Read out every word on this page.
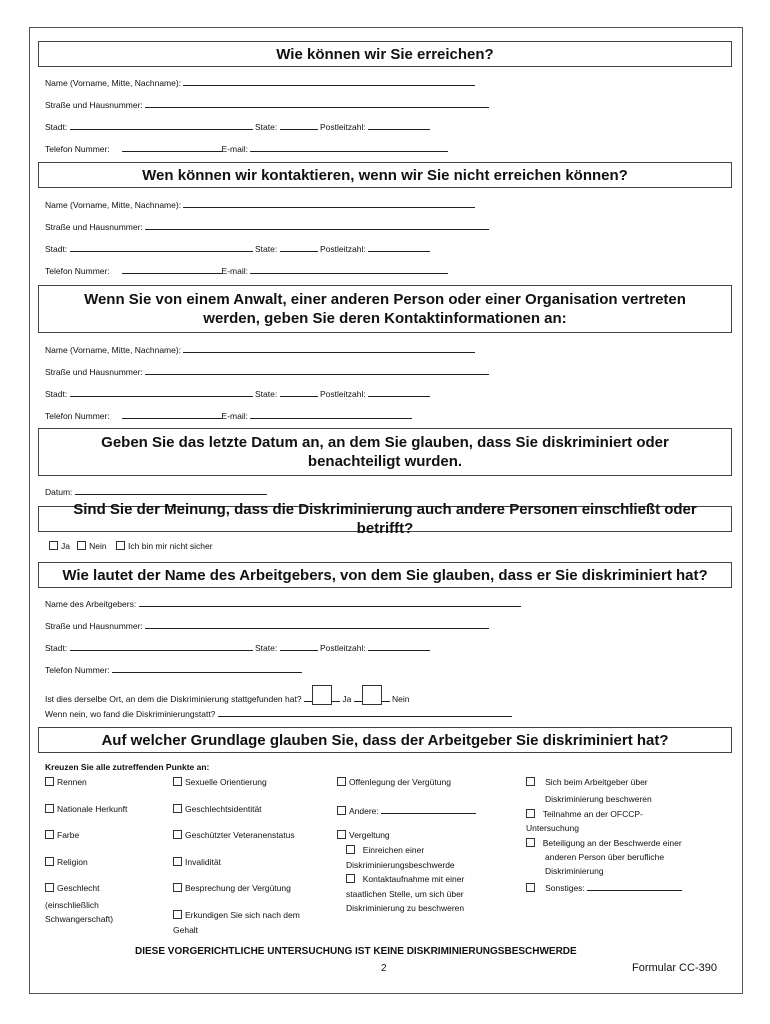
Wie können wir Sie erreichen?
Name (Vorname, Mitte, Nachname):
Straße und Hausnummer:
Stadt:	State:	Postleitzahl:
Telefon Nummer:	E-mail:
Wen können wir kontaktieren, wenn wir Sie nicht erreichen können?
Name (Vorname, Mitte, Nachname):
Straße und Hausnummer:
Stadt:	State:	Postleitzahl:
Telefon Nummer:	E-mail:
Wenn Sie von einem Anwalt, einer anderen Person oder einer Organisation vertreten werden, geben Sie deren Kontaktinformationen an:
Name (Vorname, Mitte, Nachname):
Straße und Hausnummer:
Stadt:	State:	Postleitzahl:
Telefon Nummer:	E-mail:
Geben Sie das letzte Datum an, an dem Sie glauben, dass Sie diskriminiert oder benachteiligt wurden.
Datum:
Sind Sie der Meinung, dass die Diskriminierung auch andere Personen einschließt oder betrifft?
Ja Nein	Ich bin mir nicht sicher
Wie lautet der Name des Arbeitgebers, von dem Sie glauben, dass er Sie diskriminiert hat?
Name des Arbeitgebers:
Straße und Hausnummer:
Stadt:	State:	Postleitzahl:
Telefon Nummer:
Ist dies derselbe Ort, an dem die Diskriminierung stattgefunden hat?	Ja	Nein
Wenn nein, wo fand die Diskriminierungstatt?
Auf welcher Grundlage glauben Sie, dass der Arbeitgeber Sie diskriminiert hat?
Kreuzen Sie alle zutreffenden Punkte an:
Rennen
Nationale Herkunft
Farbe
Religion
Geschlecht
(einschließlich
Schwangerschaft)
Sexuelle Orientierung
Geschlechtsidentität
Geschützter Veteranenstatus
Invalidität
Besprechung der Vergütung
Erkundigen Sie sich nach dem
Gehalt
Offenlegung der Vergütung
Andere:
Vergeltung
Einreichen einer
Diskriminierungsbeschwerde
Kontaktaufnahme mit einer
staatlichen Stelle, um sich über
Diskriminierung zu beschweren
Sich beim Arbeitgeber über
Diskriminierung beschweren
Teilnahme an der OFCCP-
Untersuchung
Beteiligung an der Beschwerde einer
anderen Person über berufliche
Diskriminierung
Sonstiges:
DIESE VORGERICHTLICHE UNTERSUCHUNG IST KEINE DISKRIMINIERUNGSBESCHWERDE
2	Formular CC-390
